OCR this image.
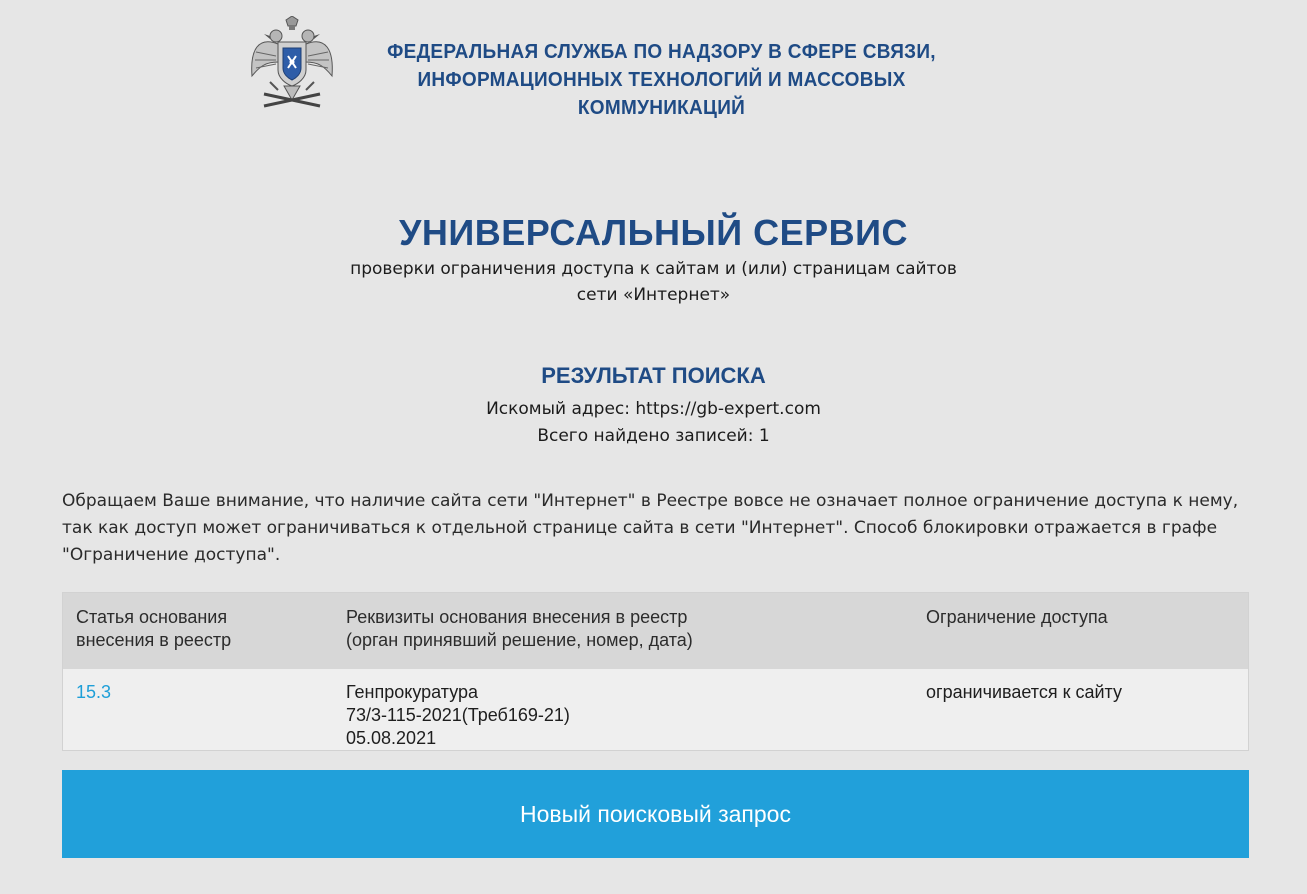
ФЕДЕРАЛЬНАЯ СЛУЖБА ПО НАДЗОРУ В СФЕРЕ СВЯЗИ,
ИНФОРМАЦИОННЫХ ТЕХНОЛОГИЙ И МАССОВЫХ КОММУНИКАЦИЙ
УНИВЕРСАЛЬНЫЙ СЕРВИС
проверки ограничения доступа к сайтам и (или) страницам сайтов
сети «Интернет»
РЕЗУЛЬТАТ ПОИСКА
Искомый адрес: https://gb-expert.com
Всего найдено записей: 1

Обращаем Ваше внимание, что наличие сайта сети "Интернет" в Реестре вовсе не означает полное ограничение доступа к нему, так как доступ может ограничиваться к отдельной странице сайта в сети "Интернет". Способ блокировки отражается в графе "Ограничение доступа".

Статья основания
внесения в реестр
Реквизиты основания внесения в реестр
(орган принявший решение, номер, дата)
Ограничение доступа
15.3	Генпрокуратура
73/3-115-2021(Треб169-21)
05.08.2021
ограничивается к сайту
Новый поисковый запрос
